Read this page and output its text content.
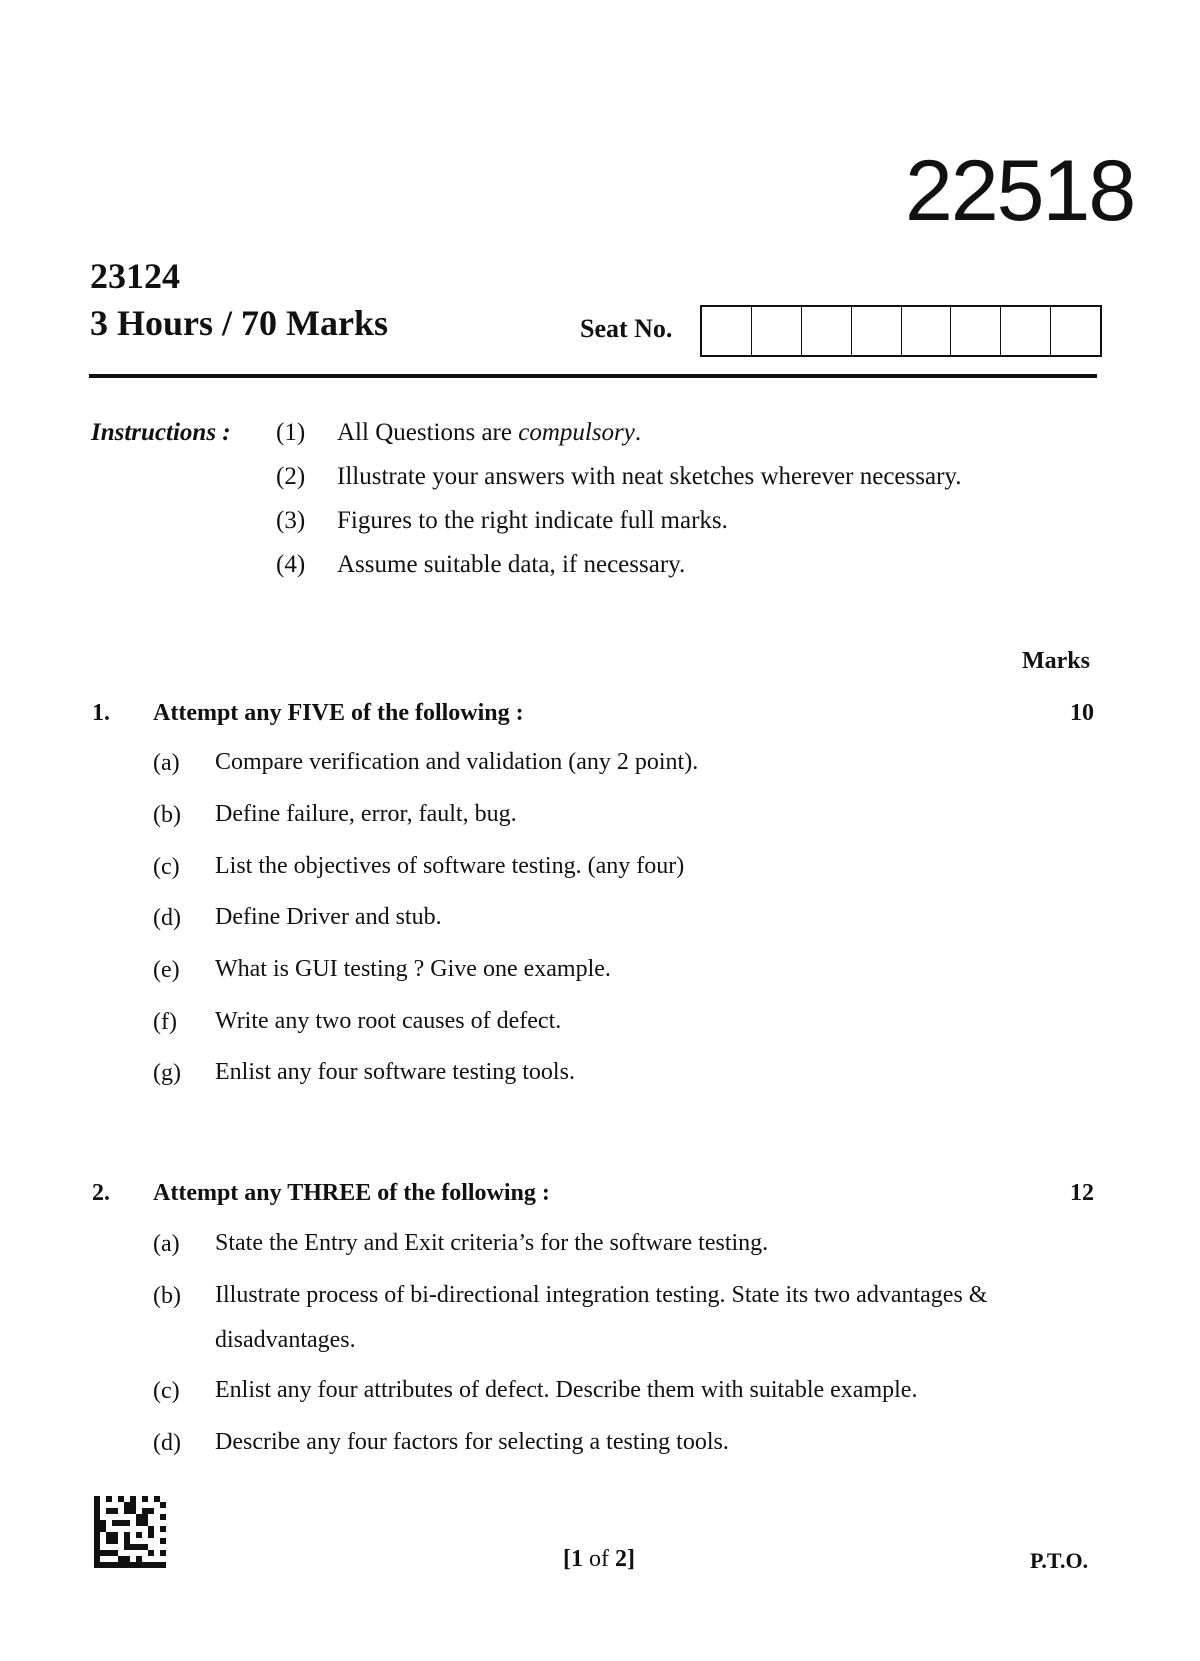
22518
23124
3 Hours / 70 Marks	Seat No.
Instructions : (1) All Questions are compulsory.
(2) Illustrate your answers with neat sketches wherever necessary.
(3) Figures to the right indicate full marks.
(4) Assume suitable data, if necessary.
Marks
1. Attempt any FIVE of the following :	10
(a) Compare verification and validation (any 2 point).
(b) Define failure, error, fault, bug.
(c) List the objectives of software testing. (any four)
(d) Define Driver and stub.
(e) What is GUI testing ? Give one example.
(f) Write any two root causes of defect.
(g) Enlist any four software testing tools.
2. Attempt any THREE of the following :	12
(a) State the Entry and Exit criteria’s for the software testing.
(b) Illustrate process of bi-directional integration testing. State its two advantages & disadvantages.
(c) Enlist any four attributes of defect. Describe them with suitable example.
(d) Describe any four factors for selecting a testing tools.
[1 of 2]	P.T.O.
